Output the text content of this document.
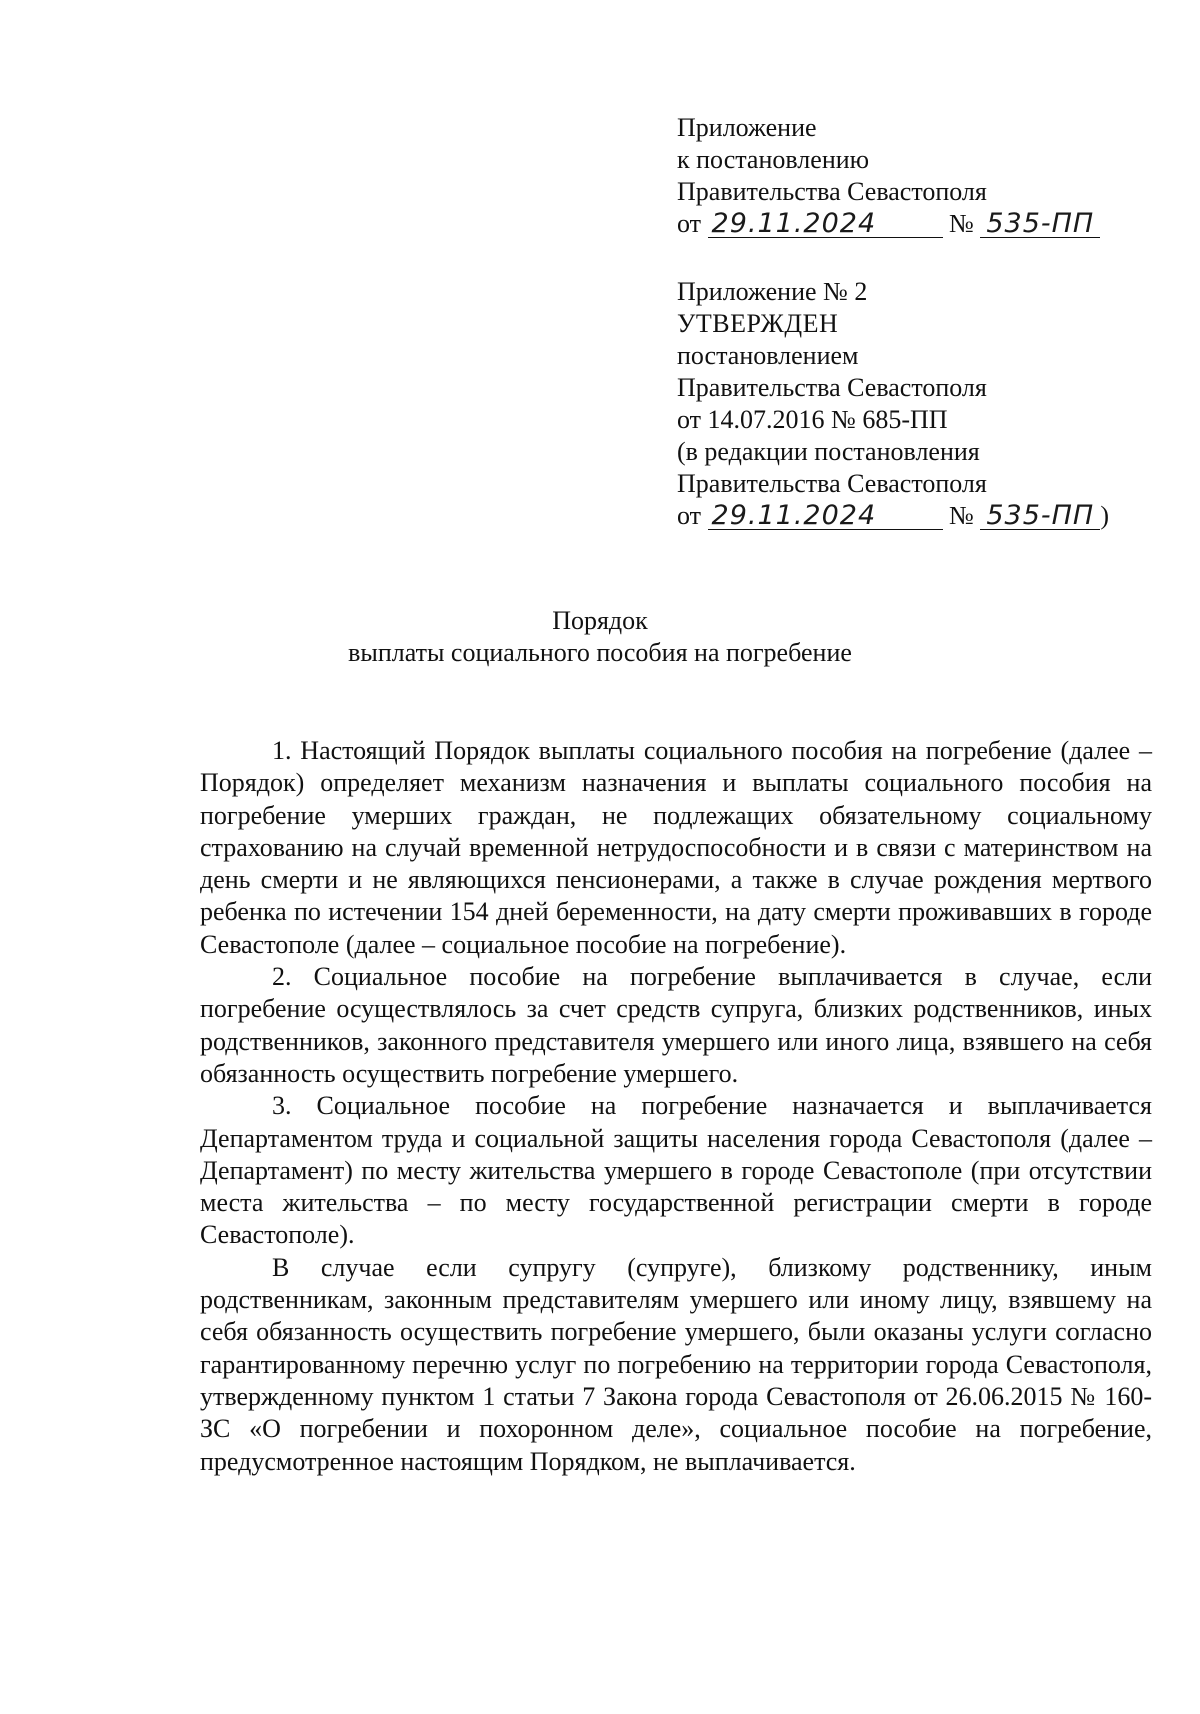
Приложение
к постановлению
Правительства Севастополя
от 29.11.2024	№ 535-ПП
Приложение № 2
УТВЕРЖДЕН
постановлением
Правительства Севастополя
от 14.07.2016 № 685-ПП
(в редакции постановления
Правительства Севастополя
от 29.11.2024	№ 535-ПП )
Порядок
выплаты социального пособия на погребение

1. Настоящий Порядок выплаты социального пособия на погребение (далее – Порядок) определяет механизм назначения и выплаты социального пособия на погребение умерших граждан, не подлежащих обязательному социальному страхованию на случай временной нетрудоспособности и в связи с материнством на день смерти и не являющихся пенсионерами, а также в случае рождения мертвого ребенка по истечении 154 дней беременности, на дату смерти проживавших в городе Севастополе (далее – социальное пособие на погребение).

2. Социальное пособие на погребение выплачивается в случае, если погребение осуществлялось за счет средств супруга, близких родственников, иных родственников, законного представителя умершего или иного лица, взявшего на себя обязанность осуществить погребение умершего.

3. Социальное пособие на погребение назначается и выплачивается Департаментом труда и социальной защиты населения города Севастополя (далее – Департамент) по месту жительства умершего в городе Севастополе (при отсутствии места жительства – по месту государственной регистрации смерти в городе Севастополе).

В случае если супругу (супруге), близкому родственнику, иным родственникам, законным представителям умершего или иному лицу, взявшему на себя обязанность осуществить погребение умершего, были оказаны услуги согласно гарантированному перечню услуг по погребению на территории города Севастополя, утвержденному пунктом 1 статьи 7 Закона города Севастополя от 26.06.2015 № 160-ЗС «О погребении и похоронном деле», социальное пособие на погребение, предусмотренное настоящим Порядком, не выплачивается.
